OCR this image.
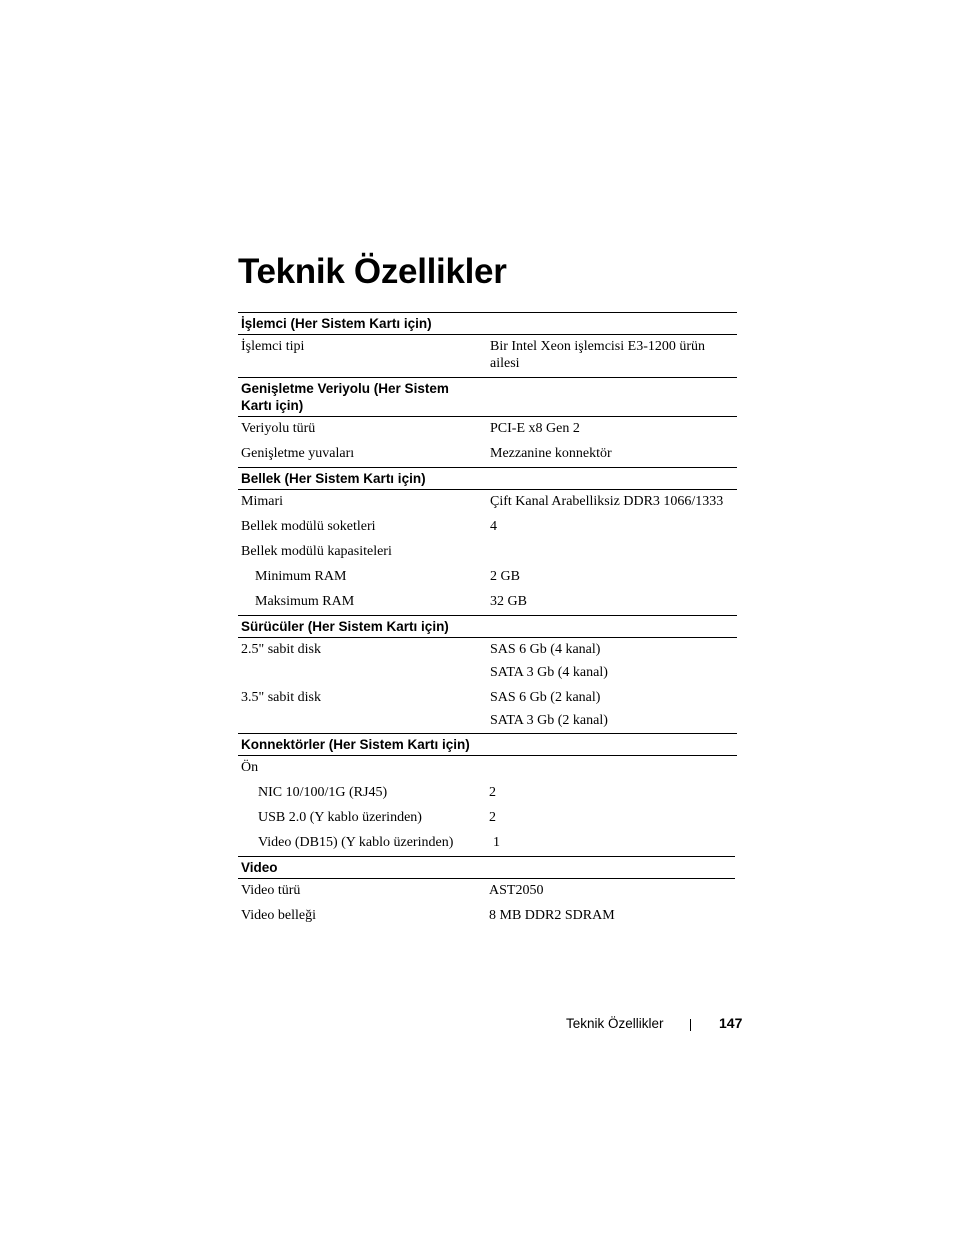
Teknik Özellikler
İşlemci (Her Sistem Kartı için)
İşlemci tipi	Bir Intel Xeon işlemcisi E3-1200 ürün ailesi
Genişletme Veriyolu (Her Sistem Kartı için)
Veriyolu türü	PCI-E x8 Gen 2
Genişletme yuvaları	Mezzanine konnektör
Bellek (Her Sistem Kartı için)
Mimari	Çift Kanal Arabelliksiz DDR3 1066/1333
Bellek modülü soketleri	4
Bellek modülü kapasiteleri
Minimum RAM	2 GB
Maksimum RAM	32 GB
Sürücüler (Her Sistem Kartı için)
2.5" sabit disk	SAS 6 Gb (4 kanal)
SATA 3 Gb (4 kanal)
3.5" sabit disk	SAS 6 Gb (2 kanal)
SATA 3 Gb (2 kanal)
Konnektörler (Her Sistem Kartı için)
Ön
NIC 10/100/1G (RJ45)	2
USB 2.0 (Y kablo üzerinden)	2
Video (DB15) (Y kablo üzerinden)	1
Video
Video türü	AST2050
Video belleği	8 MB DDR2 SDRAM
Teknik Özellikler	147
